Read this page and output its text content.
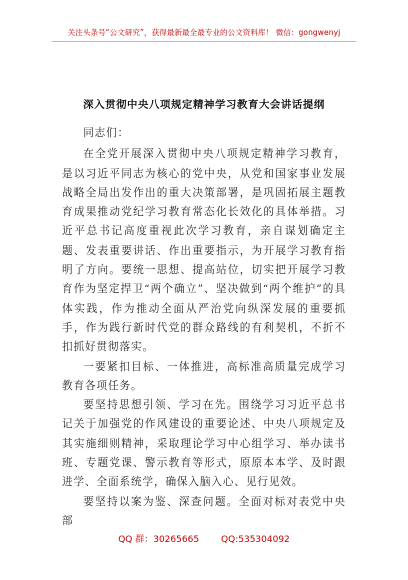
关注头条号“公文研究”，获得最新最全最专业的公文资料库！ 微信：gongwenyj
深入贯彻中央八项规定精神学习教育大会讲话提纲

同志们：

在全党开展深入贯彻中央八项规定精神学习教育，是以习近平同志为核心的党中央，从党和国家事业发展战略全局出发作出的重大决策部署，是巩固拓展主题教育成果推动党纪学习教育常态化长效化的具体举措。习近平总书记高度重视此次学习教育，亲自谋划确定主题、发表重要讲话、作出重要指示，为开展学习教育指明了方向。要统一思想、提高站位，切实把开展学习教育作为坚定捍卫“两个确立”、坚决做到“两个维护”的具体实践，作为推动全面从严治党向纵深发展的重要抓手，作为践行新时代党的群众路线的有利契机，不折不扣抓好贯彻落实。

一要紧扣目标、一体推进，高标准高质量完成学习教育各项任务。

要坚持思想引领、学习在先。围绕学习习近平总书记关于加强党的作风建设的重要论述、中央八项规定及其实施细则精神，采取理论学习中心组学习、举办读书班、专题党课、警示教育等形式，原原本本学、及时跟进学、全面系统学，确保入脑入心、见行见效。

要坚持以案为鉴、深查问题。全面对标对表党中央部

QQ 群：30265665 QQ:535304092
